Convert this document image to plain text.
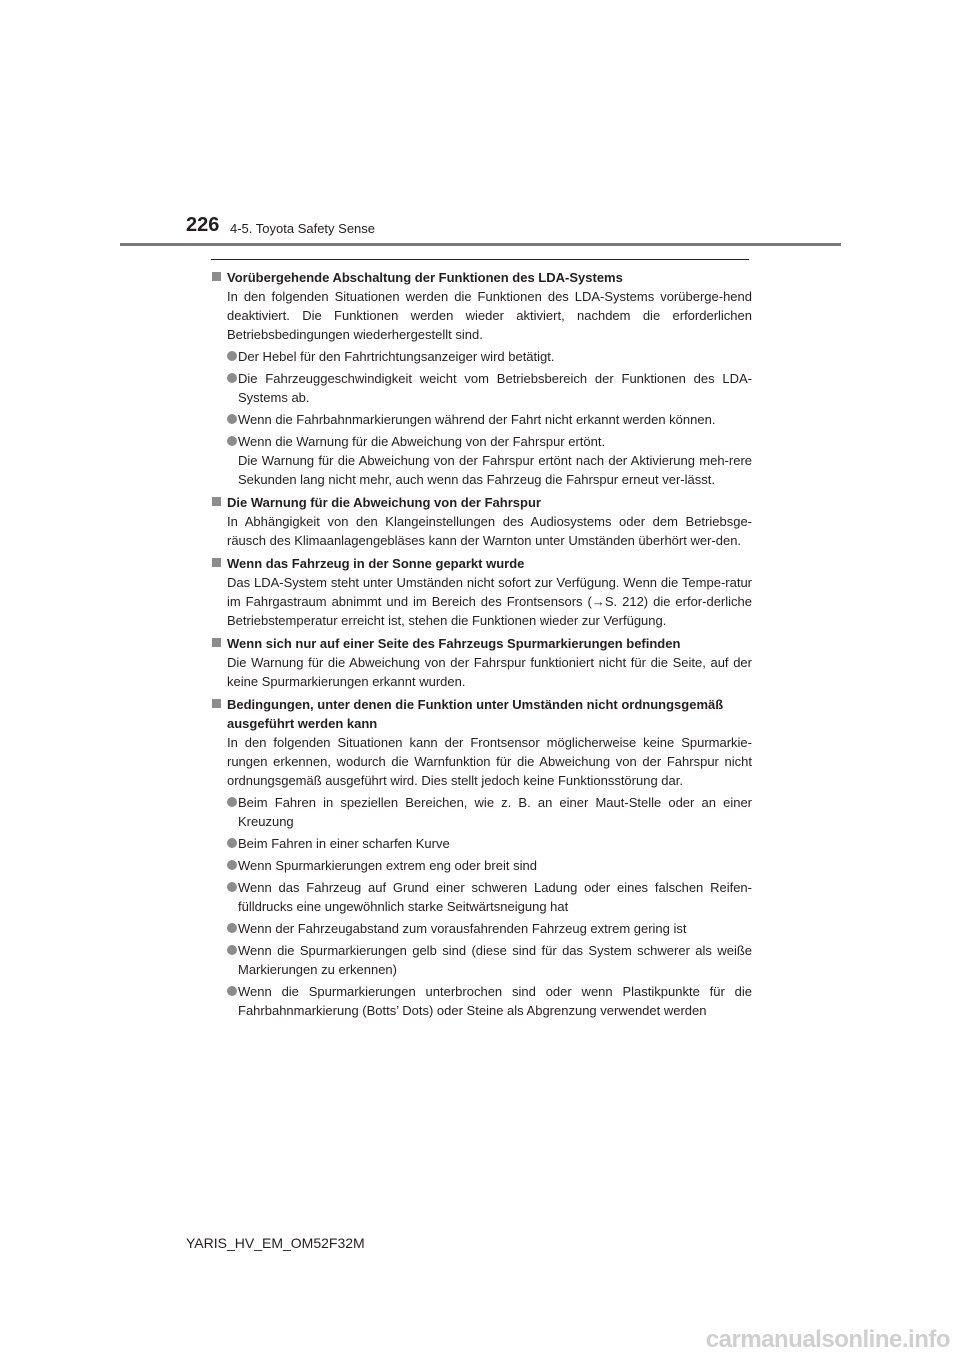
226 4-5. Toyota Safety Sense
Vorübergehende Abschaltung der Funktionen des LDA-Systems
In den folgenden Situationen werden die Funktionen des LDA-Systems vorüberge-hend deaktiviert. Die Funktionen werden wieder aktiviert, nachdem die erforderlichen Betriebsbedingungen wiederhergestellt sind.
Der Hebel für den Fahrtrichtungsanzeiger wird betätigt.
Die Fahrzeuggeschwindigkeit weicht vom Betriebsbereich der Funktionen des LDA-Systems ab.
Wenn die Fahrbahnmarkierungen während der Fahrt nicht erkannt werden können.
Wenn die Warnung für die Abweichung von der Fahrspur ertönt.
Die Warnung für die Abweichung von der Fahrspur ertönt nach der Aktivierung meh-rere Sekunden lang nicht mehr, auch wenn das Fahrzeug die Fahrspur erneut ver-lässt.
Die Warnung für die Abweichung von der Fahrspur
In Abhängigkeit von den Klangeinstellungen des Audiosystems oder dem Betriebsge-räusch des Klimaanlagengebläses kann der Warnton unter Umständen überhört wer-den.
Wenn das Fahrzeug in der Sonne geparkt wurde
Das LDA-System steht unter Umständen nicht sofort zur Verfügung. Wenn die Tempe-ratur im Fahrgastraum abnimmt und im Bereich des Frontsensors (→S. 212) die erfor-derliche Betriebstemperatur erreicht ist, stehen die Funktionen wieder zur Verfügung.
Wenn sich nur auf einer Seite des Fahrzeugs Spurmarkierungen befinden
Die Warnung für die Abweichung von der Fahrspur funktioniert nicht für die Seite, auf der keine Spurmarkierungen erkannt wurden.
Bedingungen, unter denen die Funktion unter Umständen nicht ordnungsgemäß ausgeführt werden kann
In den folgenden Situationen kann der Frontsensor möglicherweise keine Spurmarkie-rungen erkennen, wodurch die Warnfunktion für die Abweichung von der Fahrspur nicht ordnungsgemäß ausgeführt wird. Dies stellt jedoch keine Funktionsstörung dar.
Beim Fahren in speziellen Bereichen, wie z. B. an einer Maut-Stelle oder an einer Kreuzung
Beim Fahren in einer scharfen Kurve
Wenn Spurmarkierungen extrem eng oder breit sind
Wenn das Fahrzeug auf Grund einer schweren Ladung oder eines falschen Reifen-fülldrucks eine ungewöhnlich starke Seitwärtsneigung hat
Wenn der Fahrzeugabstand zum vorausfahrenden Fahrzeug extrem gering ist
Wenn die Spurmarkierungen gelb sind (diese sind für das System schwerer als weiße Markierungen zu erkennen)
Wenn die Spurmarkierungen unterbrochen sind oder wenn Plastikpunkte für die Fahrbahnmarkierung (Botts’ Dots) oder Steine als Abgrenzung verwendet werden
YARIS_HV_EM_OM52F32M
carmanualsonline.info
